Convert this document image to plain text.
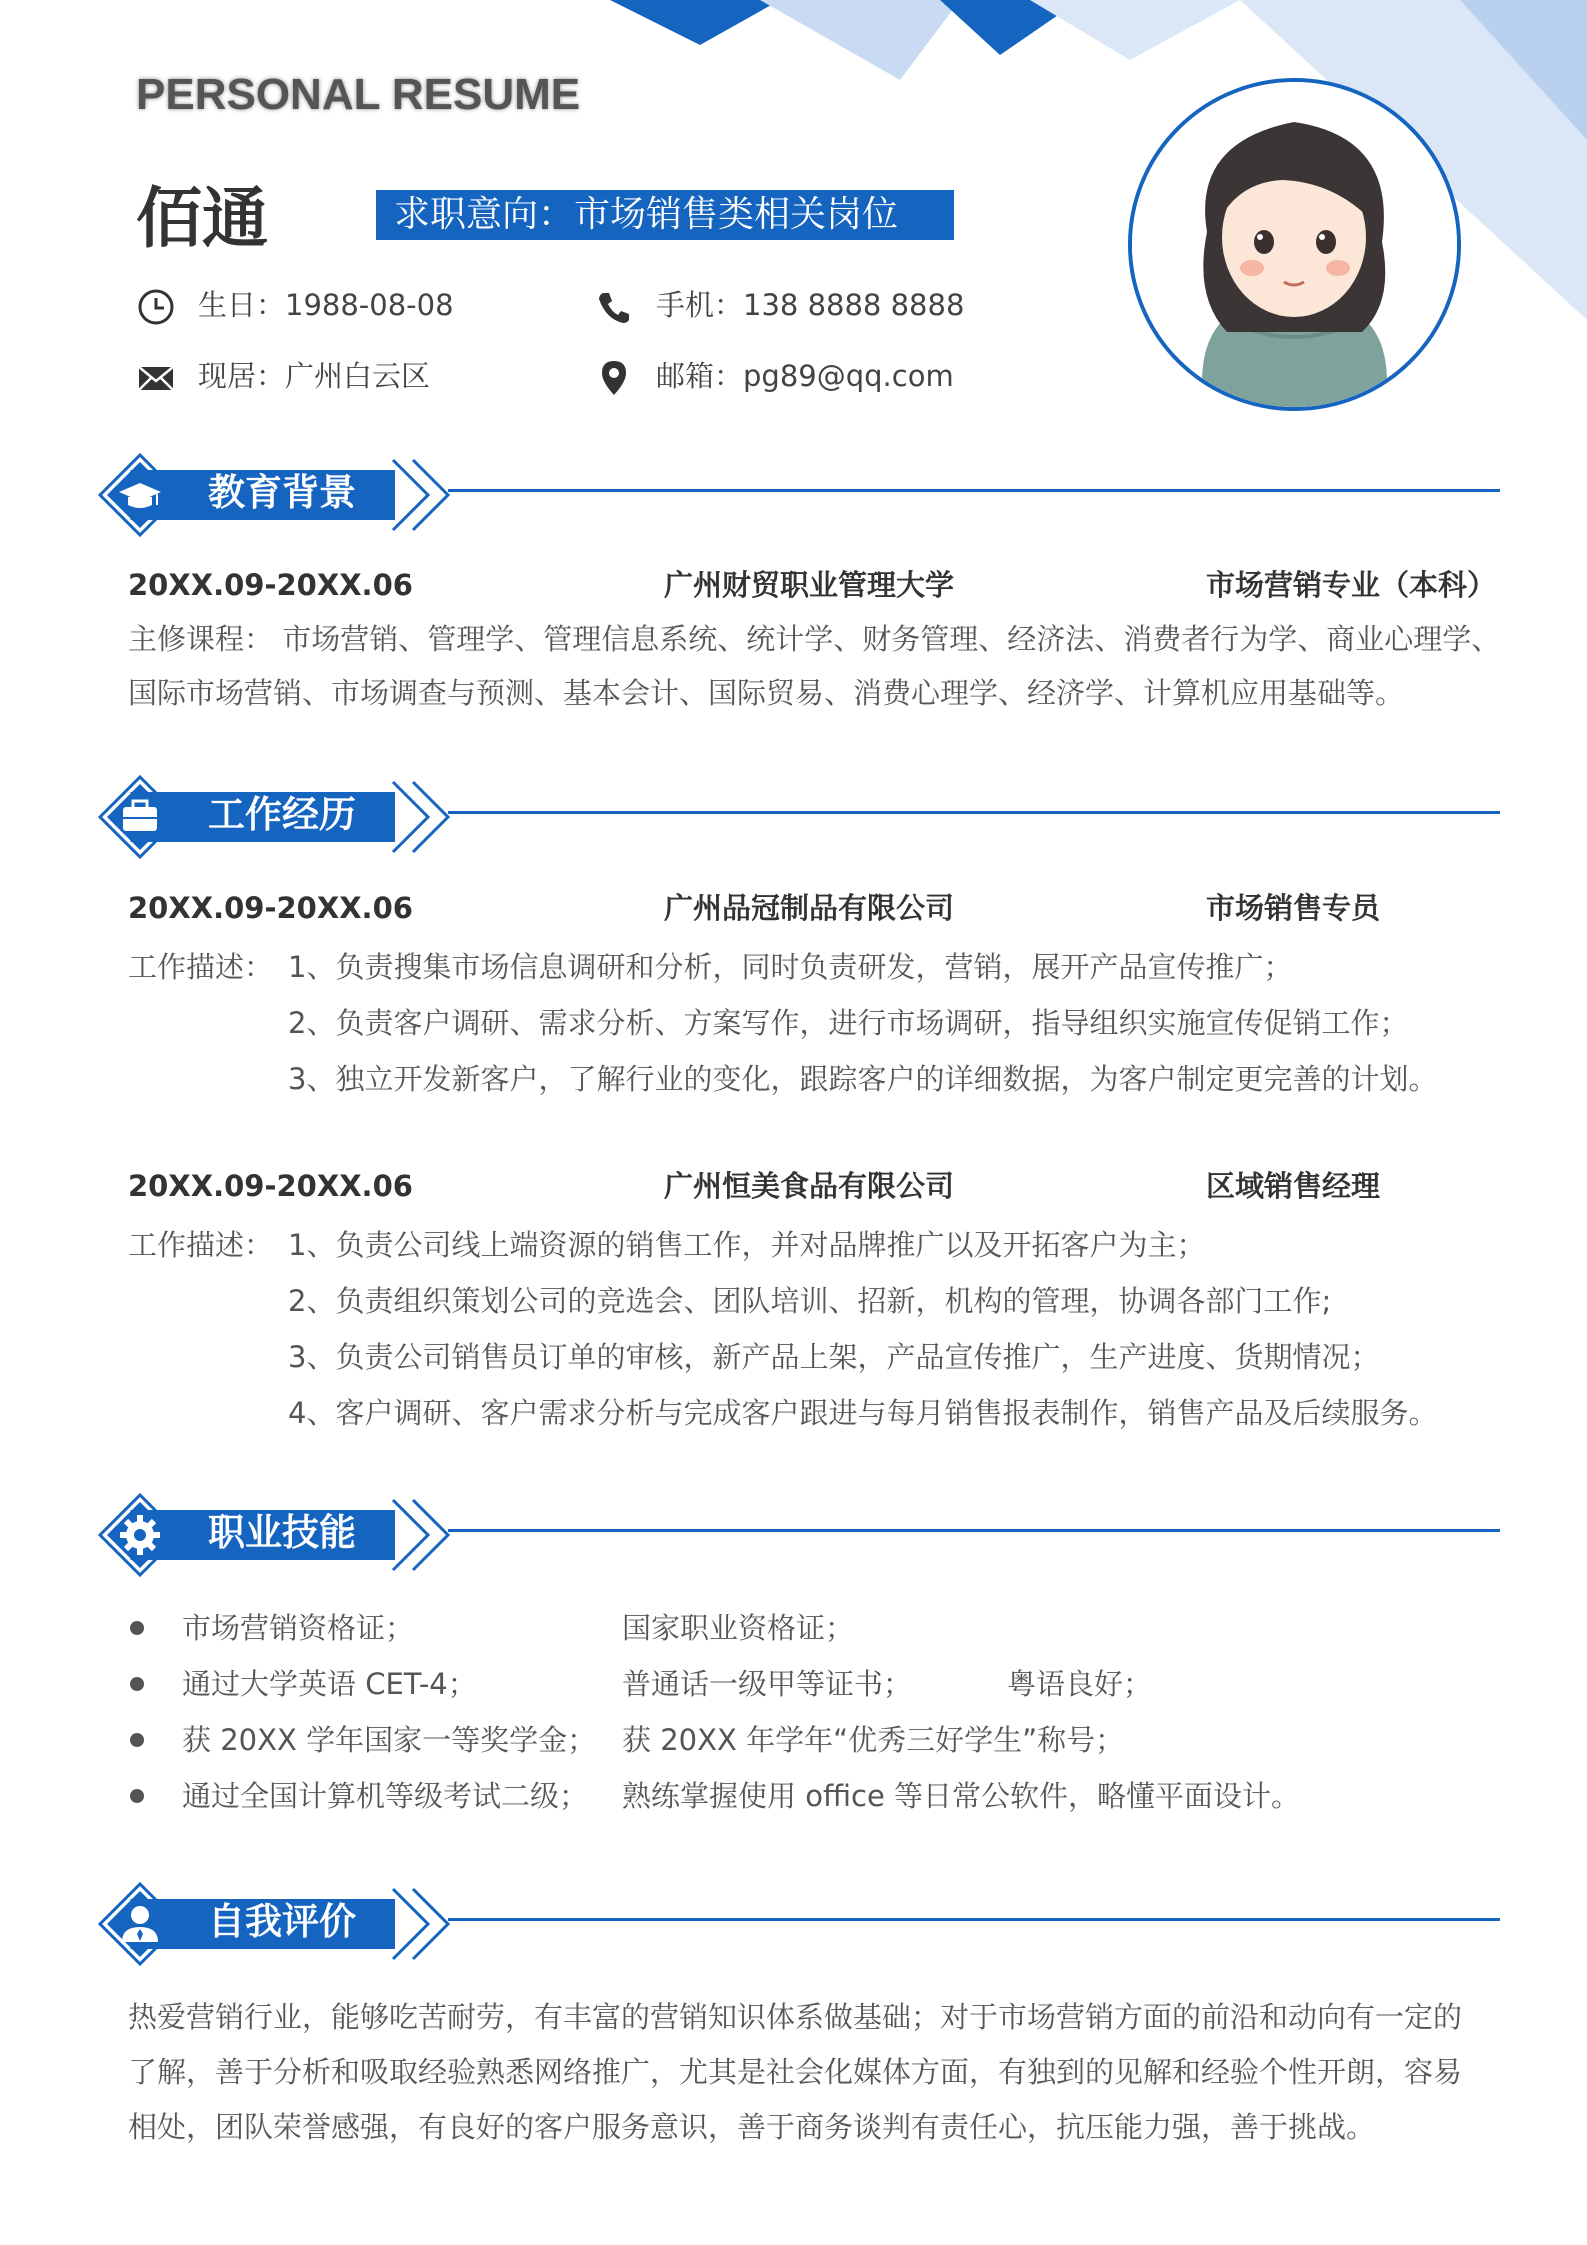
PERSONAL RESUME
佰通	求职意向：市场销售类相关岗位
生日：1988-08-08	手机：138 8888 8888
现居：广州白云区	邮箱：pg89@qq.com
教育背景
20XX.09-20XX.06	广州财贸职业管理大学	市场营销专业（本科）
主修课程： 市场营销、管理学、管理信息系统、统计学、财务管理、经济法、消费者行为学、商业心理学、
国际市场营销、市场调查与预测、基本会计、国际贸易、消费心理学、经济学、计算机应用基础等。
工作经历
20XX.09-20XX.06	广州品冠制品有限公司	市场销售专员
工作描述： 1、负责搜集市场信息调研和分析，同时负责研发，营销，展开产品宣传推广；
2、负责客户调研、需求分析、方案写作，进行市场调研，指导组织实施宣传促销工作；
3、独立开发新客户，了解行业的变化，跟踪客户的详细数据，为客户制定更完善的计划。
20XX.09-20XX.06	广州恒美食品有限公司	区域销售经理
工作描述： 1、负责公司线上端资源的销售工作，并对品牌推广以及开拓客户为主；
2、负责组织策划公司的竞选会、团队培训、招新，机构的管理，协调各部门工作;
3、负责公司销售员订单的审核，新产品上架，产品宣传推广，生产进度、货期情况；
4、客户调研、客户需求分析与完成客户跟进与每月销售报表制作，销售产品及后续服务。
职业技能
市场营销资格证；	国家职业资格证；
通过大学英语 CET-4；	普通话一级甲等证书；	粤语良好；
获 20XX 学年国家一等奖学金； 获 20XX 年学年“优秀三好学生”称号；
通过全国计算机等级考试二级； 熟练掌握使用 office 等日常公软件，略懂平面设计。
自我评价
热爱营销行业，能够吃苦耐劳，有丰富的营销知识体系做基础；对于市场营销方面的前沿和动向有一定的
了解，善于分析和吸取经验熟悉网络推广，尤其是社会化媒体方面，有独到的见解和经验个性开朗，容易
相处，团队荣誉感强，有良好的客户服务意识，善于商务谈判有责任心，抗压能力强，善于挑战。
